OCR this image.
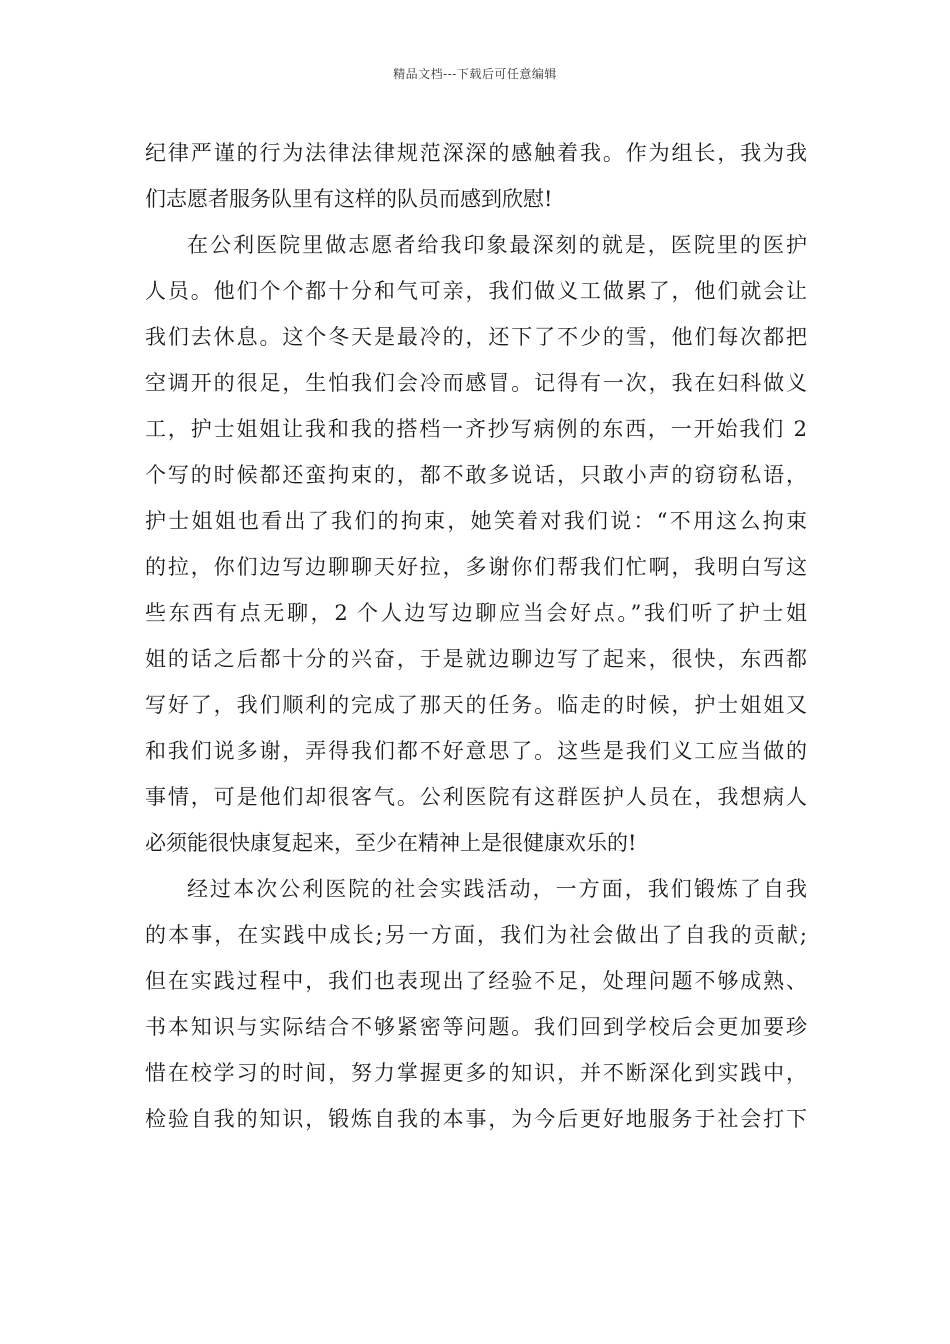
精品文档---下载后可任意编辑
纪律严谨的行为法律法律规范深深的感触着我。作为组长，我为我
们志愿者服务队里有这样的队员而感到欣慰!
在公利医院里做志愿者给我印象最深刻的就是，医院里的医护
人员。他们个个都十分和气可亲，我们做义工做累了，他们就会让
我们去休息。这个冬天是最冷的，还下了不少的雪，他们每次都把
空调开的很足，生怕我们会冷而感冒。记得有一次，我在妇科做义
工，护士姐姐让我和我的搭档一齐抄写病例的东西，一开始我们 2
个写的时候都还蛮拘束的，都不敢多说话，只敢小声的窃窃私语，
护士姐姐也看出了我们的拘束，她笑着对我们说：“不用这么拘束
的拉，你们边写边聊聊天好拉，多谢你们帮我们忙啊，我明白写这
些东西有点无聊，2 个人边写边聊应当会好点。”我们听了护士姐
姐的话之后都十分的兴奋，于是就边聊边写了起来，很快，东西都
写好了，我们顺利的完成了那天的任务。临走的时候，护士姐姐又
和我们说多谢，弄得我们都不好意思了。这些是我们义工应当做的
事情，可是他们却很客气。公利医院有这群医护人员在，我想病人
必须能很快康复起来，至少在精神上是很健康欢乐的!
经过本次公利医院的社会实践活动，一方面，我们锻炼了自我
的本事，在实践中成长;另一方面，我们为社会做出了自我的贡献;
但在实践过程中，我们也表现出了经验不足，处理问题不够成熟、
书本知识与实际结合不够紧密等问题。我们回到学校后会更加要珍
惜在校学习的时间，努力掌握更多的知识，并不断深化到实践中，
检验自我的知识，锻炼自我的本事，为今后更好地服务于社会打下
